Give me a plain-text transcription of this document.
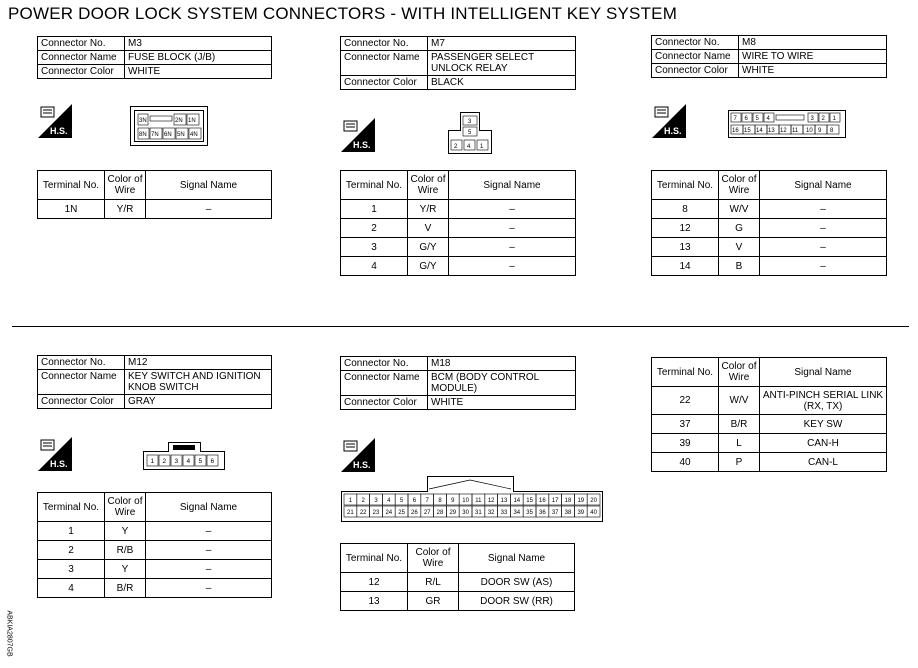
POWER DOOR LOCK SYSTEM CONNECTORS - WITH INTELLIGENT KEY SYSTEM
Connector No.	M3
Connector Name	FUSE BLOCK (J/B)
Connector Color	WHITE
H.S.
3N	2N 1N
8N 7N 6N 5N 4N
Terminal No.	Color of Wire	Signal Name
1N	Y/R	–
Connector No.	M7
Connector Name	PASSENGER SELECT UNLOCK RELAY
Connector Color	BLACK
H.S.
3
5
2 4 1
Terminal No.	Color of Wire	Signal Name
1	Y/R	–
2	V	–
3	G/Y	–
4	G/Y	–
Connector No.	M8
Connector Name	WIRE TO WIRE
Connector Color	WHITE
H.S.
7 6 5 4	3 2 1
16 15 14 13 12 11 10 9 8
Terminal No.	Color of Wire	Signal Name
8	W/V	–
12	G	–
13	V	–
14	B	–
Connector No.	M12
Connector Name	KEY SWITCH AND IGNITION KNOB SWITCH
Connector Color	GRAY
H.S.	1 2 3 4 5 6
Terminal No.	Color of Wire	Signal Name
1	Y	–
2	R/B	–
3	Y	–
4	B/R	–
Connector No.	M18
Connector Name	BCM (BODY CONTROL MODULE)
Connector Color	WHITE
H.S.
1 2 3 4 5 6 7 8 9 10 11 12 13 14 15 16 17 18 19 20
21 22 23 24 25 26 27 28 29 30 31 32 33 34 35 36 37 38 39 40
Terminal No.	Color of Wire	Signal Name
12	R/L	DOOR SW (AS)
13	GR	DOOR SW (RR)
Terminal No.	Color of Wire	Signal Name
22	W/V	ANTI-PINCH SERIAL LINK (RX, TX)
37	B/R	KEY SW
39	L	CAN-H
40	P	CAN-L
ABKIA2807GB
